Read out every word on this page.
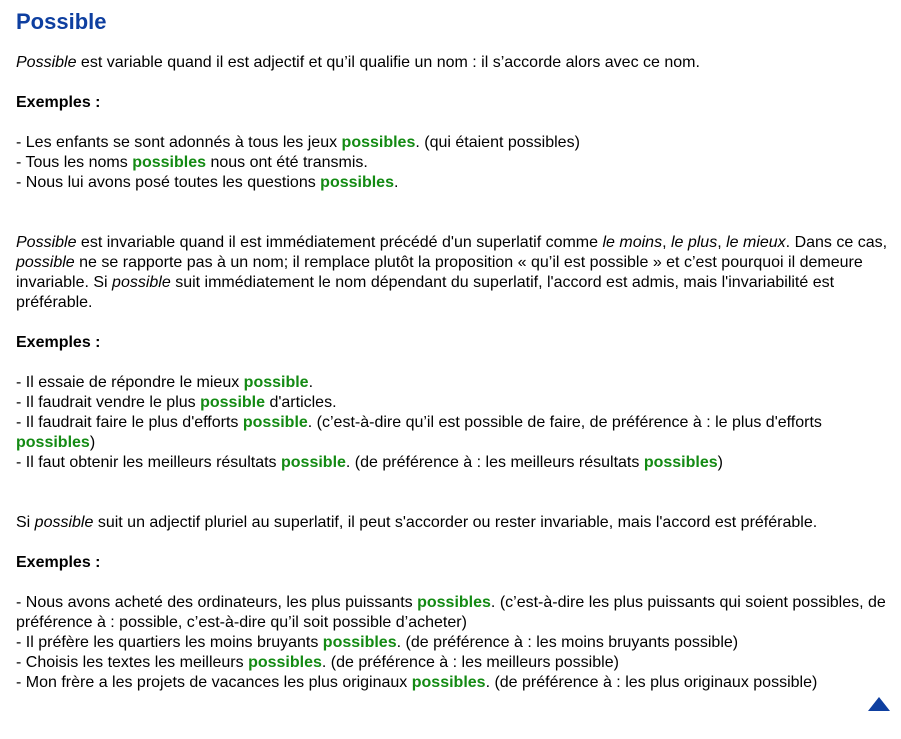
Possible

Possible est variable quand il est adjectif et qu’il qualifie un nom : il s’accorde alors avec ce nom.

Exemples :

- Les enfants se sont adonnés à tous les jeux possibles. (qui étaient possibles)
- Tous les noms possibles nous ont été transmis.
- Nous lui avons posé toutes les questions possibles.

Possible est invariable quand il est immédiatement précédé d'un superlatif comme le moins, le plus, le mieux. Dans ce cas, possible ne se rapporte pas à un nom; il remplace plutôt la proposition « qu’il est possible » et c’est pourquoi il demeure invariable. Si possible suit immédiatement le nom dépendant du superlatif, l'accord est admis, mais l'invariabilité est préférable.

Exemples :

- Il essaie de répondre le mieux possible.
- Il faudrait vendre le plus possible d'articles.
- Il faudrait faire le plus d'efforts possible. (c’est-à-dire qu’il est possible de faire, de préférence à : le plus d'efforts possibles)
- Il faut obtenir les meilleurs résultats possible. (de préférence à : les meilleurs résultats possibles)

Si possible suit un adjectif pluriel au superlatif, il peut s'accorder ou rester invariable, mais l'accord est préférable.

Exemples :

- Nous avons acheté des ordinateurs, les plus puissants possibles. (c’est-à-dire les plus puissants qui soient possibles, de préférence à : possible, c’est-à-dire qu’il soit possible d’acheter)
- Il préfère les quartiers les moins bruyants possibles. (de préférence à : les moins bruyants possible)
- Choisis les textes les meilleurs possibles. (de préférence à : les meilleurs possible)
- Mon frère a les projets de vacances les plus originaux possibles. (de préférence à : les plus originaux possible)
